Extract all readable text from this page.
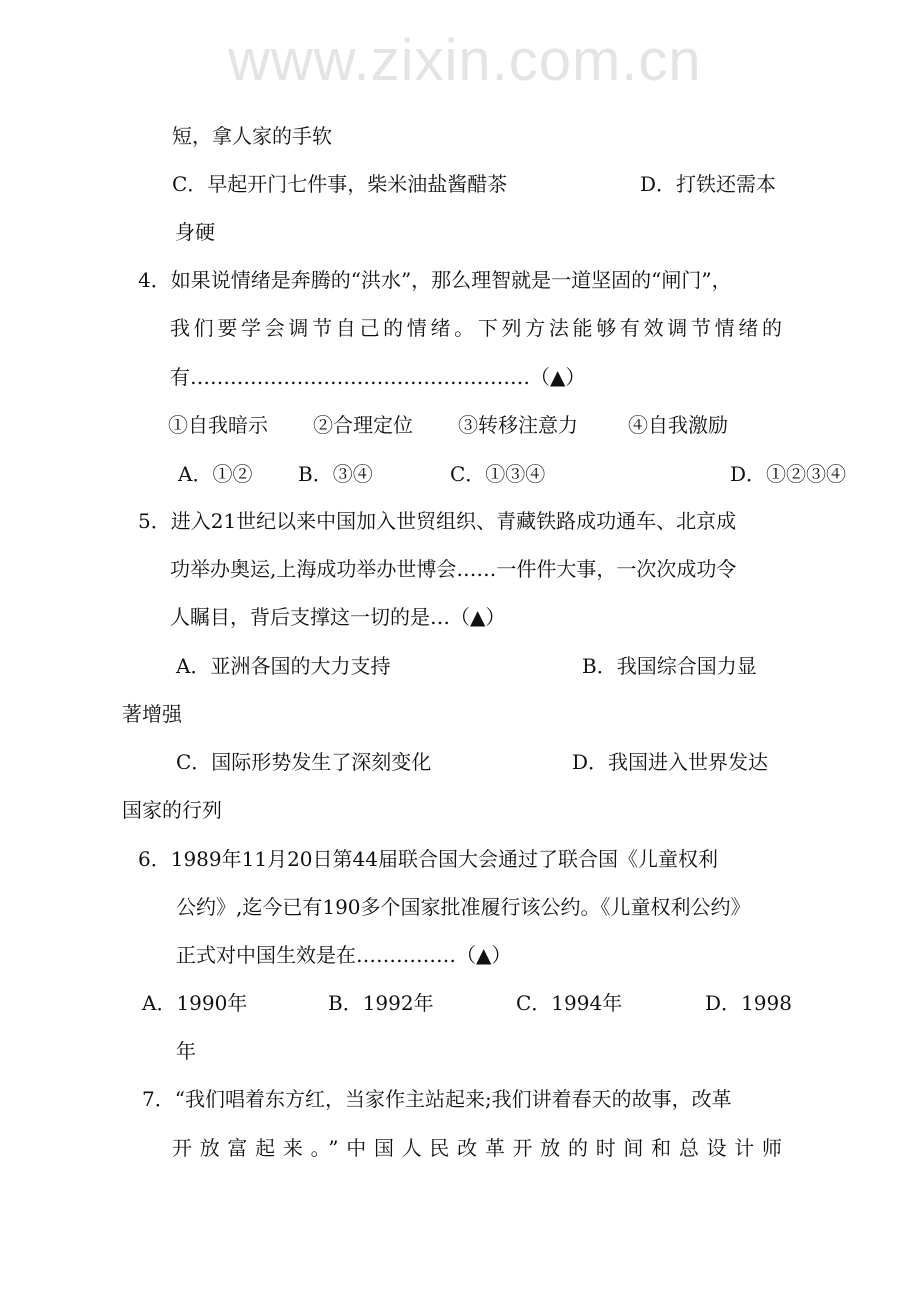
www.zixin.com.cn
短，拿人家的手软
C．早起开门七件事，柴米油盐酱醋茶	D．打铁还需本
身硬
4．如果说情绪是奔腾的“洪水”，那么理智就是一道坚固的“闸门”，
我们要学会调节自己的情绪。下列方法能够有效调节情绪的
有……………………………………………（▲）
①自我暗示 ②合理定位 ③转移注意力	④自我激励
A．①② B．③④	C．①③④	D．①②③④
5．进入21世纪以来中国加入世贸组织、青藏铁路成功通车、北京成
功举办奥运,上海成功举办世博会……一件件大事，一次次成功令
人瞩目，背后支撑这一切的是…（▲）
A．亚洲各国的大力支持	B．我国综合国力显
著增强
C．国际形势发生了深刻变化	D．我国进入世界发达
国家的行列
6．1989年11月20日第44届联合国大会通过了联合国《儿童权利
公约》,迄今已有190多个国家批准履行该公约。《儿童权利公约》
正式对中国生效是在……………（▲）
A．1990年	B．1992年	C．1994年	D．1998
年
7．“我们唱着东方红，当家作主站起来;我们讲着春天的故事，改革
开放富起来。”中国人民改革开放的时间和总设计师
